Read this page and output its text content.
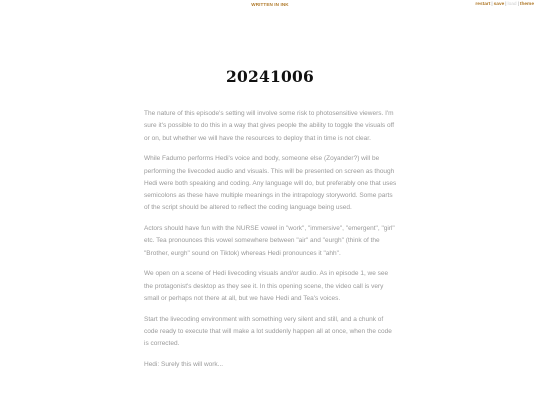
WRITTEN IN INK	restart|save|load|theme
20241006

The nature of this episode's setting will involve some risk to photosensitive viewers. I'm sure it's possible to do this in a way that gives people the ability to toggle the visuals off or on, but whether we will have the resources to deploy that in time is not clear.

While Fadumo performs Hedi's voice and body, someone else (Zoyander?) will be performing the livecoded audio and visuals. This will be presented on screen as though Hedi were both speaking and coding. Any language will do, but preferably one that uses semicolons as these have multiple meanings in the intrapology storyworld. Some parts of the script should be altered to reflect the coding language being used.

Actors should have fun with the NURSE vowel in "work", "immersive", "emergent", "girl" etc. Tea pronounces this vowel somewhere between "air" and "eurgh" (think of the "Brother, eurgh" sound on Tiktok) whereas Hedi pronounces it "ahh".

We open on a scene of Hedi livecoding visuals and/or audio. As in episode 1, we see the protagonist's desktop as they see it. In this opening scene, the video call is very small or perhaps not there at all, but we have Hedi and Tea's voices.

Start the livecoding environment with something very silent and still, and a chunk of code ready to execute that will make a lot suddenly happen all at once, when the code is corrected.

Hedi: Surely this will work...
